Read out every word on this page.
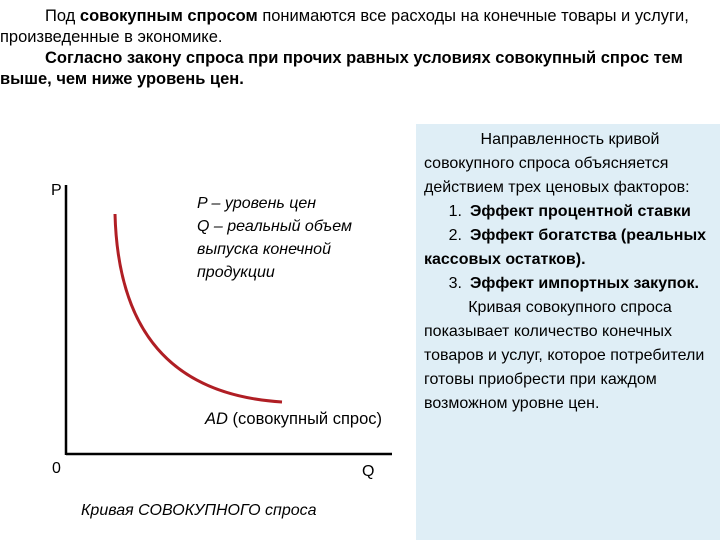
Под совокупным спросом понимаются все расходы на конечные товары и услуги, произведенные в экономике.

Согласно закону спроса при прочих равных условиях совокупный спрос тем выше, чем ниже уровень цен.

P
0	Q
P – уровень цен
Q – реальный объем
выпуска конечной
продукции
AD (совокупный спрос)
Кривая СОВОКУПНОГО спроса

Направленность кривой

совокупного спроса объясняется действием трех ценовых факторов:

1. Эффект процентной ставки

2. Эффект богатства (реальных кассовых остатков).

3. Эффект импортных закупок.

Кривая совокупного спроса

показывает количество конечных товаров и услуг, которое потребители готовы приобрести при каждом возможном уровне цен.
